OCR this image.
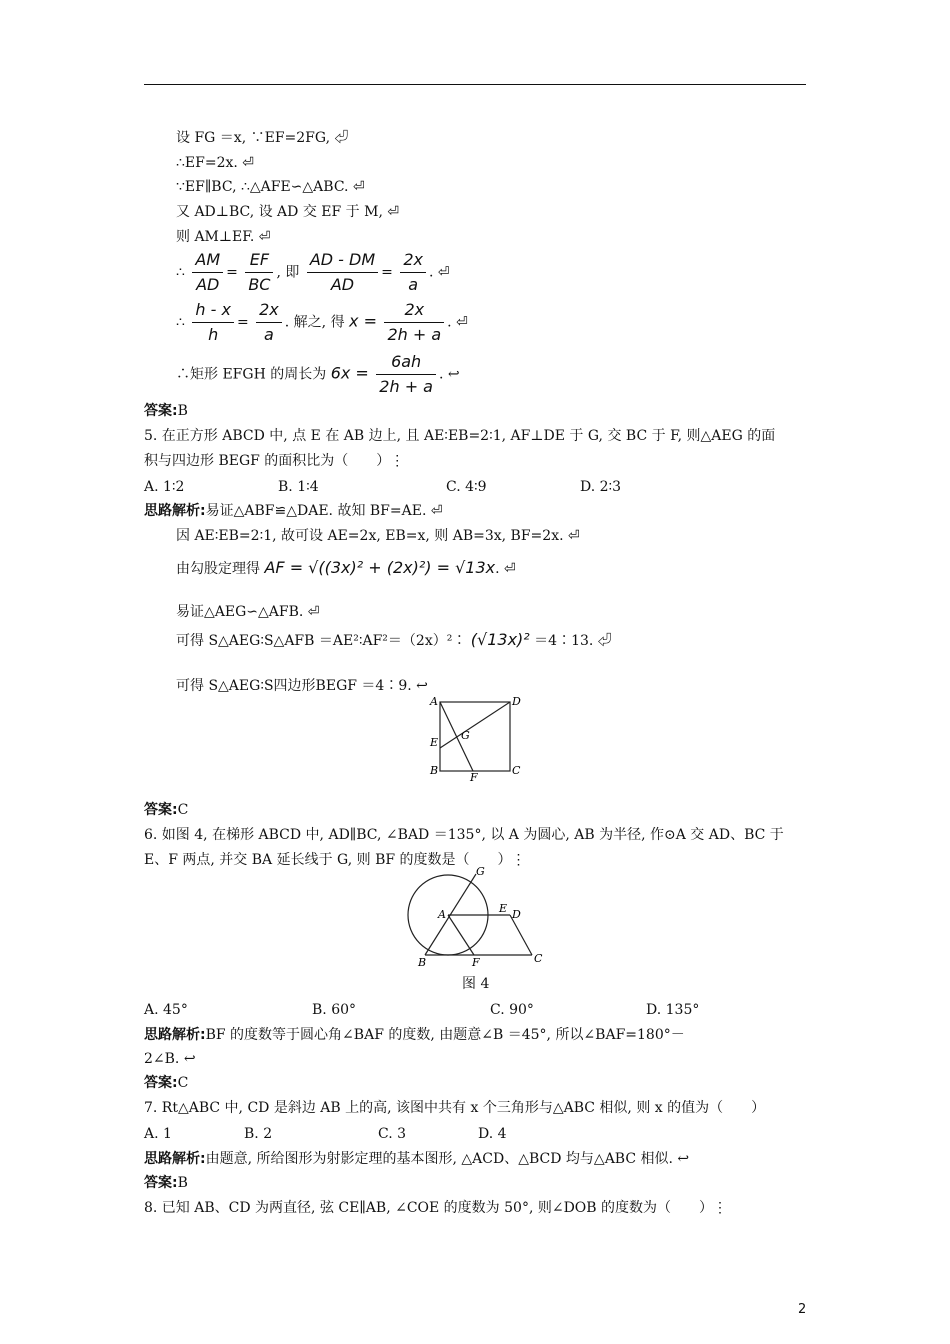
设 FG ＝x, ∵EF=2FG, ⏎
∴EF=2x. ⏎
∵EF∥BC, ∴△AFE∽△ABC. ⏎
又 AD⊥BC, 设 AD 交 EF 于 M, ⏎
则 AM⊥EF. ⏎
∴ $\frac{AM}{AD} = \frac{EF}{BC}$ , 即 $\frac{AD - DM}{AD} = \frac{2x}{a}$ . ⏎
∴ $\frac{h - x}{h} = \frac{2x}{a}$ . 解之, 得 $x = \frac{2x}{2h + a}$ . ⏎
∴矩形 EFGH 的周长为 $6x = \frac{6ah}{2h + a}$ . ↩
答案:B
5. 在正方形 ABCD 中, 点 E 在 AB 边上, 且 AE∶EB=2∶1, AF⊥DE 于 G, 交 BC 于 F, 则△AEG 的面
积与四边形 BEGF 的面积比为（　　）⋮
A. 1∶2	B. 1∶4	C. 4∶9	D. 2∶3
思路解析:易证△ABF≌△DAE. 故知 BF=AE. ⏎
因 AE∶EB=2∶1, 故可设 AE=2x, EB=x, 则 AB=3x, BF=2x. ⏎
由勾股定理得 AF = √((3x)² + (2x)²) = √13x. ⏎
易证△AEG∽△AFB. ⏎
可得 S△AEG∶S△AFB ＝AE²∶AF²＝（2x）²∶ (√13x)² ＝4∶13. ⏎
可得 S△AEG∶S四边形BEGF ＝4∶9. ↩
A	D
E
G
B
F
C
答案:C
6. 如图 4, 在梯形 ABCD 中, AD∥BC, ∠BAD ＝135°, 以 A 为圆心, AB 为半径, 作⊙A 交 AD、BC 于
E、F 两点, 并交 BA 延长线于 G, 则 BF 的度数是（　　）⋮
G
A	E D
B	F	C
图 4
A. 45°	B. 60°	C. 90°	D. 135°
思路解析:BF 的度数等于圆心角∠BAF 的度数, 由题意∠B ＝45°, 所以∠BAF=180°－
2∠B. ↩
答案:C
7. Rt△ABC 中, CD 是斜边 AB 上的高, 该图中共有 x 个三角形与△ABC 相似, 则 x 的值为（　　）
A. 1	B. 2	C. 3	D. 4
思路解析:由题意, 所给图形为射影定理的基本图形, △ACD、△BCD 均与△ABC 相似. ↩
答案:B
8. 已知 AB、CD 为两直径, 弦 CE∥AB, ∠COE 的度数为 50°, 则∠DOB 的度数为（　　）⋮
2
